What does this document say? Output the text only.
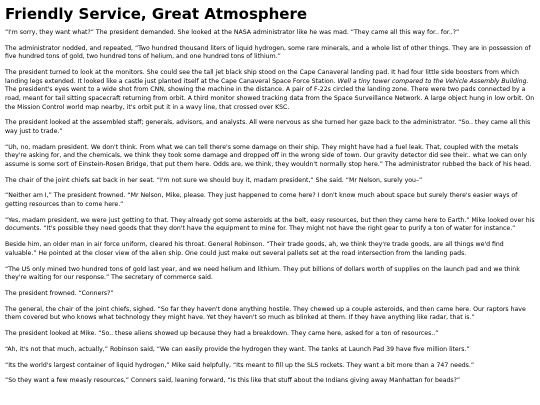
Friendly Service, Great Atmosphere

“I'm sorry, they want what?” The president demanded. She looked at the NASA administrator like he was mad. “They came all this way for.. for..?”

The administrator nodded, and repeated, “Two hundred thousand liters of liquid hydrogen, some rare minerals, and a whole list of other things. They are in possession of five hundred tons of gold, two hundred tons of helium, and one hundred tons of lithium.”

The president turned to look at the monitors. She could see the tall jet black ship stood on the Cape Canaveral landing pad. It had four little side boosters from which landing legs extended. It looked like a castle just planted itself at the Cape Canaveral Space Force Station. Well a tiny tower compared to the Vehicle Assembly Building. The president's eyes went to a wide shot from CNN, showing the machine in the distance. A pair of F-22s circled the landing zone. There were two pads connected by a road, meant for tail sitting spacecraft returning from orbit. A third monitor showed tracking data from the Space Surveillance Network. A large object hung in low orbit. On the Mission Control world map nearby, it's orbit put it in a wavy line, that crossed over KSC.

The president looked at the assembled staff; generals, advisors, and analysts. All were nervous as she turned her gaze back to the administrator. “So.. they came all this way just to trade.”

“Uh, no, madam president. We don't think. From what we can tell there's some damage on their ship. They might have had a fuel leak. That, coupled with the metals they're asking for, and the chemicals, we think they took some damage and dropped off in the wrong side of town. Our gravity detector did see their.. what we can only assume is some sort of Einstein-Rosen Bridge, that put them here. Odds are, we think, they wouldn't normally stop here.” The administrator rubbed the back of his head.

The chair of the joint chiefs sat back in her seat. “I'm not sure we should buy it, madam president,” She said. “Mr Nelson, surely you–”

“Neither am I,” The president frowned. “Mr Nelson, Mike, please. They just happened to come here? I don't know much about space but surely there's easier ways of getting resources than to come here.”

“Yes, madam president, we were just getting to that. They already got some asteroids at the belt, easy resources, but then they came here to Earth.” Mike looked over his documents. “It's possible they need goods that they don't have the equipment to mine for. They might not have the right gear to purify a ton of water for instance.”

Beside him, an older man in air force uniform, cleared his throat. General Robinson. “Their trade goods, ah, we think they're trade goods, are all things we'd find valuable.” He pointed at the closer view of the alien ship. One could just make out several pallets set at the road intersection from the landing pads.

“The US only mined two hundred tons of gold last year, and we need helium and lithium. They put billions of dollars worth of supplies on the launch pad and we think they're waiting for our response.” The secretary of commerce said.

The president frowned. “Conners?”

The general, the chair of the joint chiefs, sighed. “So far they haven't done anything hostile. They chewed up a couple asteroids, and then came here. Our raptors have them covered but who knows what technology they might have. Yet they haven't so much as blinked at them. If they have anything like radar, that is.”

The president looked at Mike. “So.. these aliens showed up because they had a breakdown. They came here, asked for a ton of resources..”

“Ah, it's not that much, actually,” Robinson said, “We can easily provide the hydrogen they want. The tanks at Launch Pad 39 have five million liters.”

“Its the world's largest container of liquid hydrogen,” Mike said helpfully, “Its meant to fill up the SLS rockets. They want a bit more than a 747 needs.”

“So they want a few measly resources,” Conners said, leaning forward, “Is this like that stuff about the Indians giving away Manhattan for beads?”
